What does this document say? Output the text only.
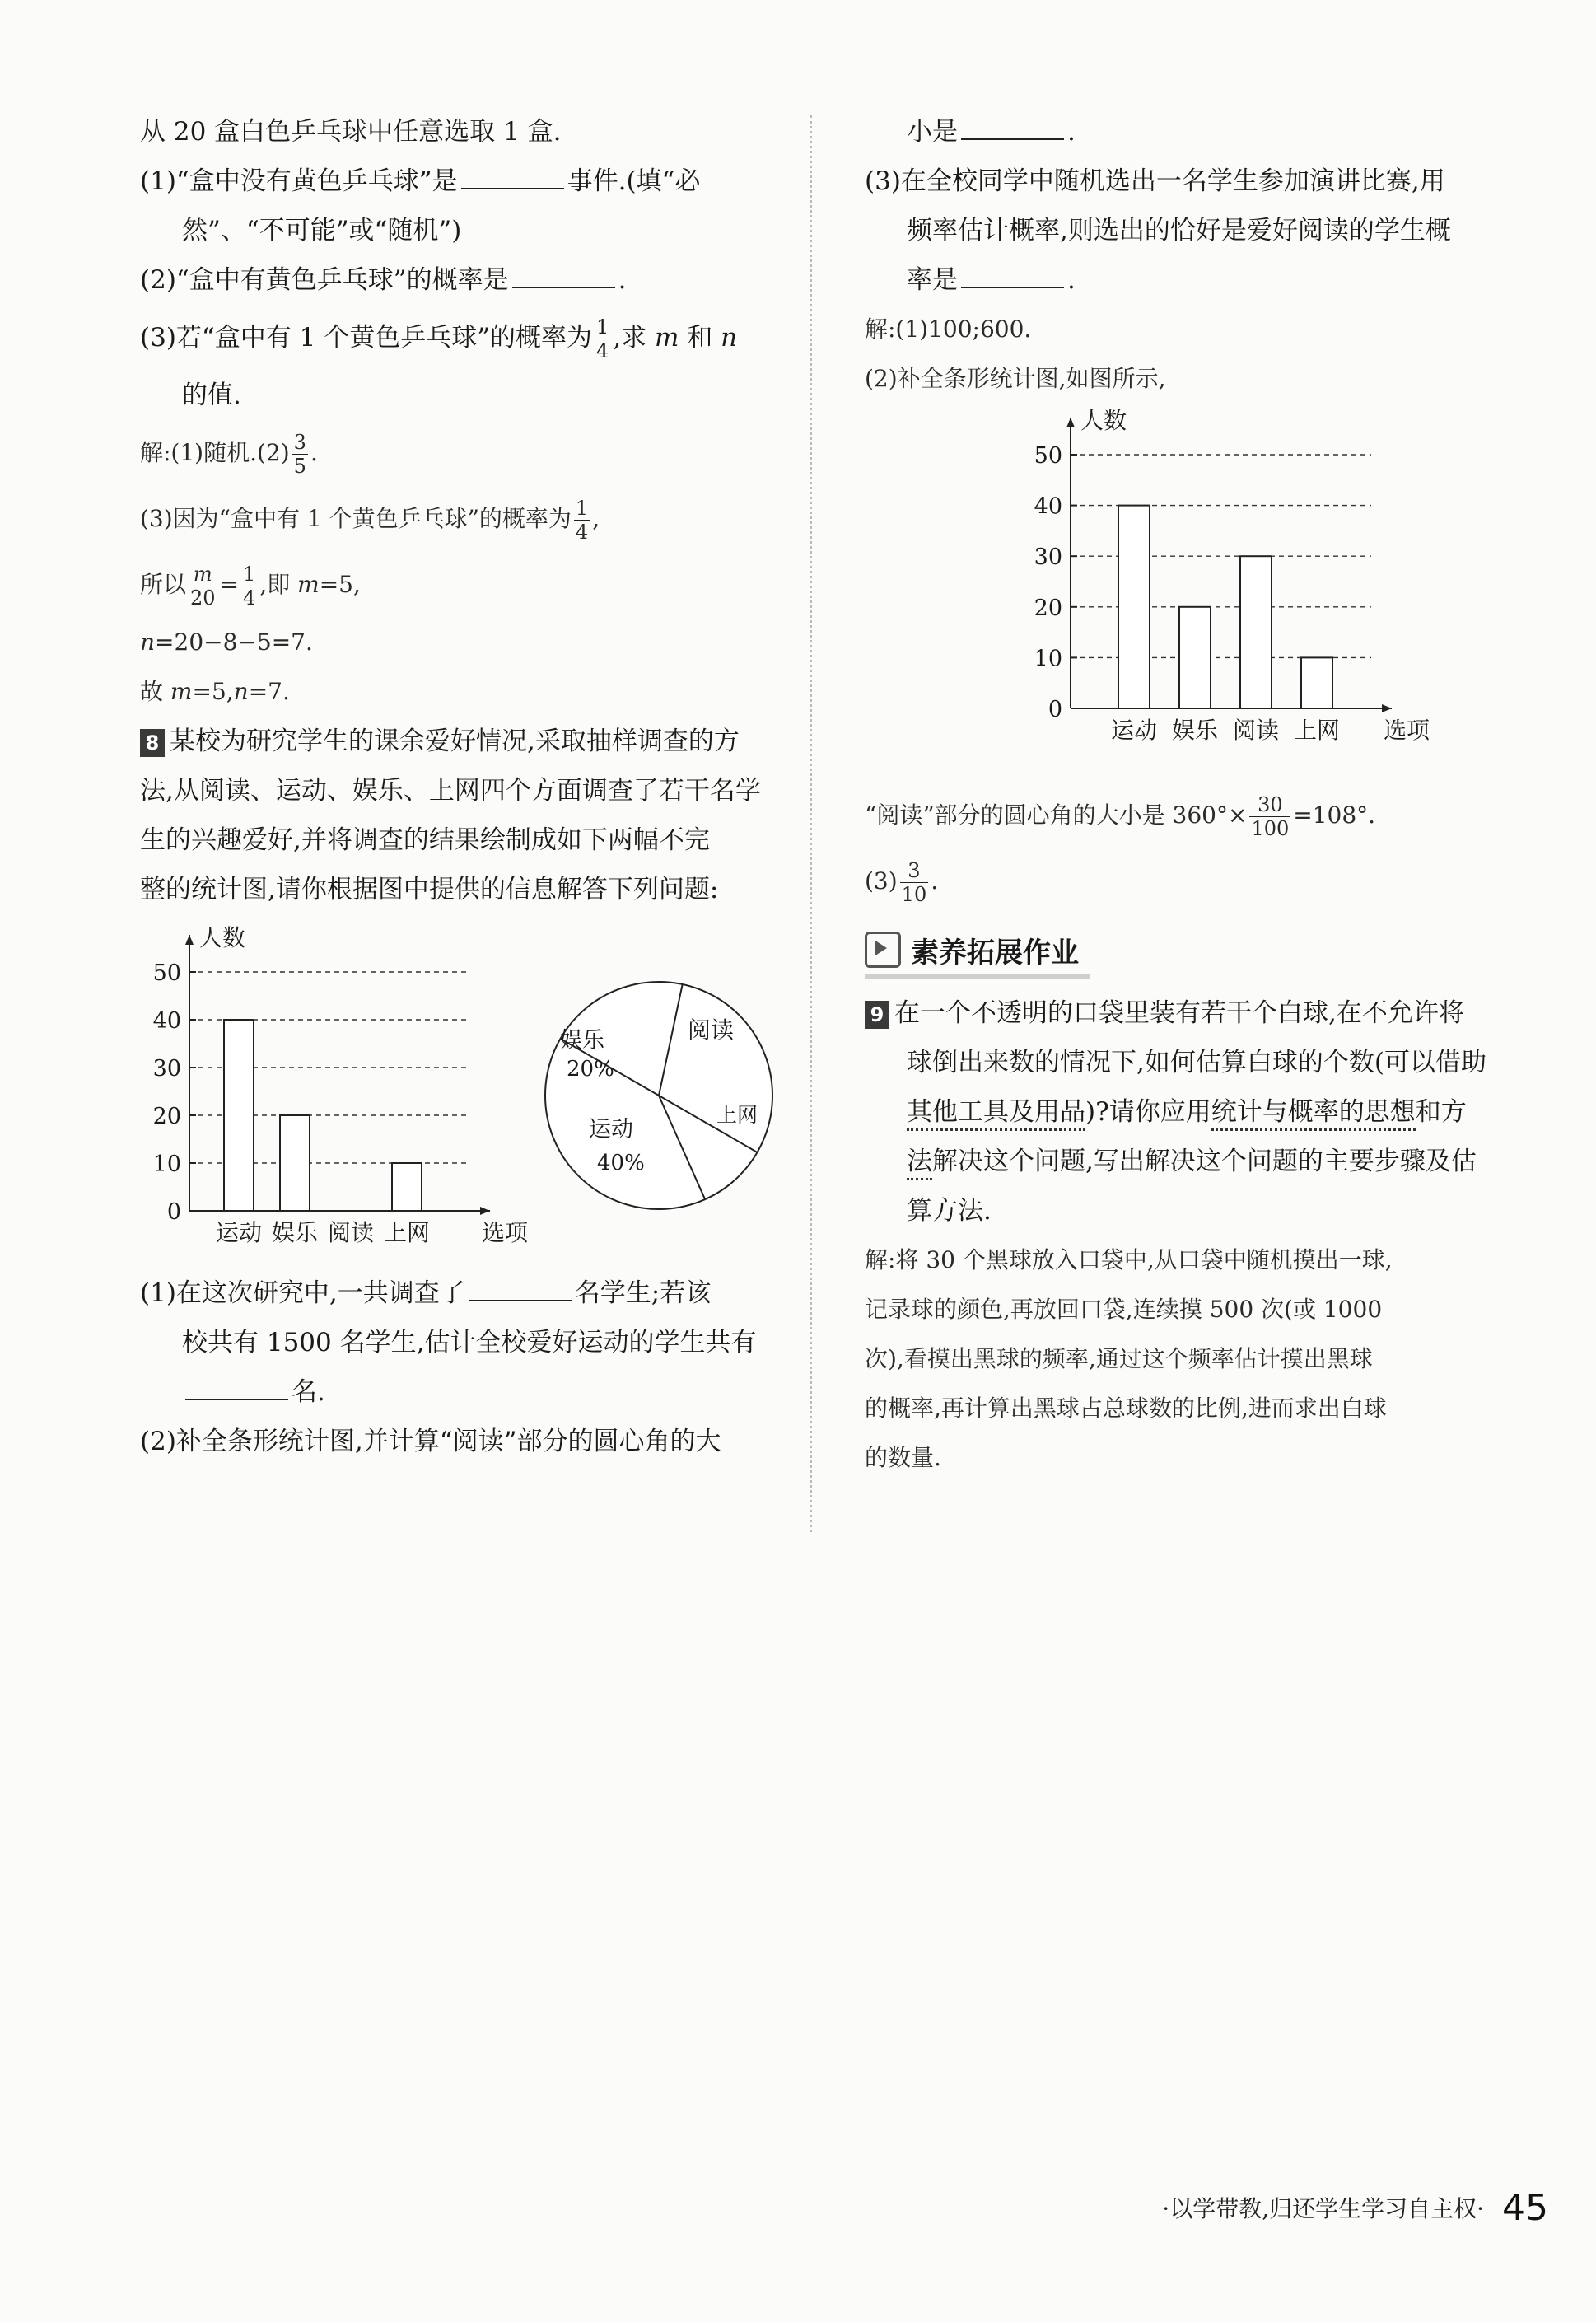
从 20 盒白色乒乓球中任意选取 1 盒.
(1)“盒中没有黄色乒乓球”是	事件.(填“必
然”、“不可能”或“随机”)
(2)“盒中有黄色乒乓球”的概率是	.
(3)若“盒中有 1 个黄色乒乓球”的概率为 $\frac{1}{4}$ ,求 m 和 n
的值.
解:(1)随机$.(2) \frac{3}{5}$ .
(3)因为“盒中有 1 个黄色乒乓球”的概率为 $\frac{1}{4}$ ,
所以 $\frac{m}{20} = \frac{1}{4}$ ,即 m=5,
n=20−8−5=7.
故 m=5,n=7.
8 某校为研究学生的课余爱好情况,采取抽样调查的方
法,从阅读、运动、娱乐、上网四个方面调查了若干名学
生的兴趣爱好,并将调查的结果绘制成如下两幅不完
整的统计图,请你根据图中提供的信息解答下列问题:
人数
选项
0
10
20
30
40
50
运动 娱乐 阅读 上网
阅读
娱乐
20%
运动
40%
上网
(1)在这次研究中,一共调查了	名学生;若该
校共有 1500 名学生,估计全校爱好运动的学生共有
名.
(2)补全条形统计图,并计算“阅读”部分的圆心角的大
小是	.
(3)在全校同学中随机选出一名学生参加演讲比赛,用
频率估计概率,则选出的恰好是爱好阅读的学生概
率是	.
解:(1)100;600.
(2)补全条形统计图,如图所示,
人数
选项
0
10
20
30
40
50
运动 娱乐 阅读 上网
“阅读”部分的圆心角的大小是 $360^\circ\times \frac{30}{100} =108^\circ$.
$(3) \frac{3}{10}$ .
素养拓展作业
9 在一个不透明的口袋里装有若干个白球,在不允许将
球倒出来数的情况下,如何估算白球的个数(可以借助
其他工具及用品)?请你应用统计与概率的思想和方
法解决这个问题,写出解决这个问题的主要步骤及估
算方法.
解:将 30 个黑球放入口袋中,从口袋中随机摸出一球,
记录球的颜色,再放回口袋,连续摸 500 次(或 1000
次),看摸出黑球的频率,通过这个频率估计摸出黑球
的概率,再计算出黑球占总球数的比例,进而求出白球
的数量.
·以学带教,归还学生学习自主权· 45
